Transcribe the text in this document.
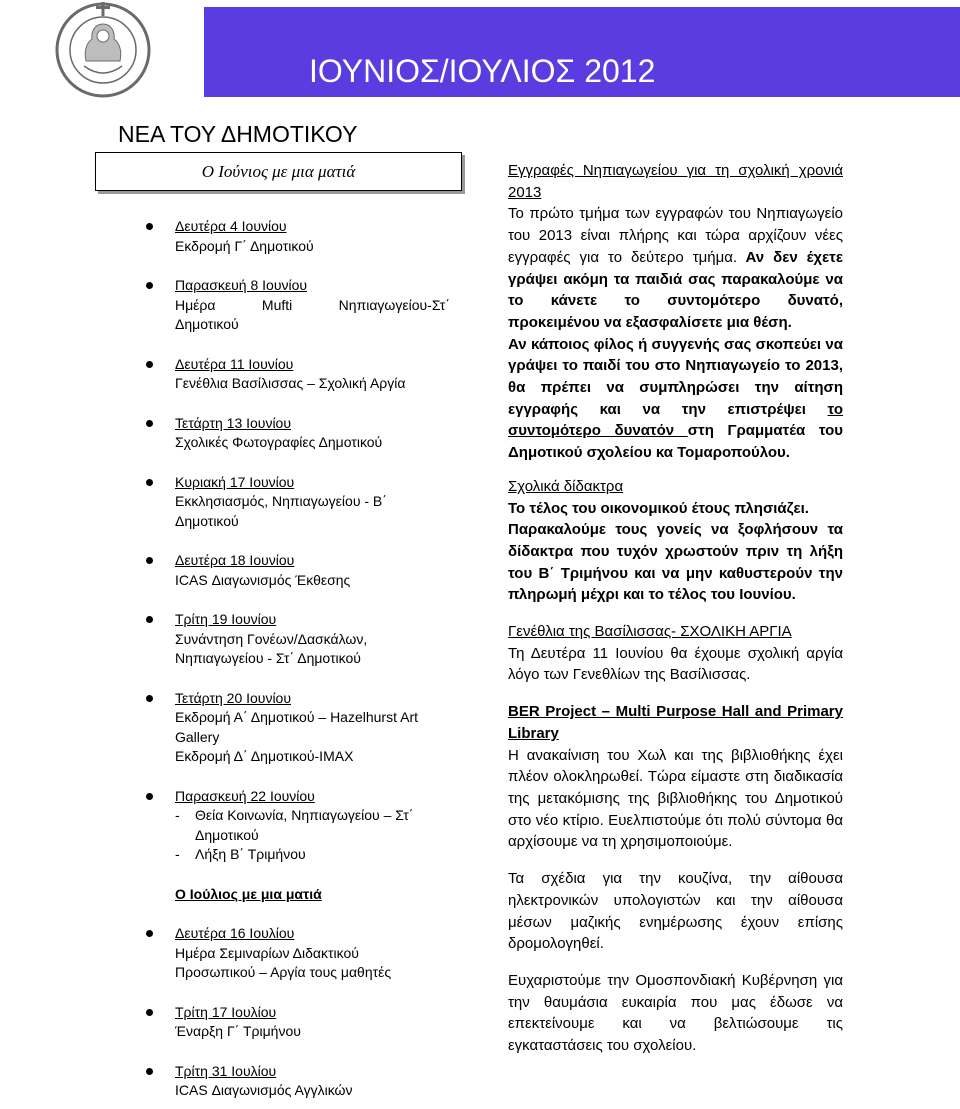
ΙΟΥΝΙΟΣ/ΙΟΥΛΙΟΣ 2012
ΝΕΑ ΤΟΥ ΔΗΜΟΤΙΚΟΥ
Ο Ιούνιος με μια ματιά
Δευτέρα 4 Ιουνίου
Εκδρομή Γ΄ Δημοτικού
Παρασκευή 8 Ιουνίου
Ημέρα Mufti Νηπιαγωγείου-Στ΄
Δημοτικού
Δευτέρα 11 Ιουνίου
Γενέθλια Βασίλισσας – Σχολική Αργία
Τετάρτη 13 Ιουνίου
Σχολικές Φωτογραφίες Δημοτικού
Κυριακή 17 Ιουνίου
Εκκλησιασμός, Νηπιαγωγείου - Β΄
Δημοτικού
Δευτέρα 18 Ιουνίου
ICAS Διαγωνισμός Έκθεσης
Τρίτη 19 Ιουνίου
Συνάντηση Γονέων/Δασκάλων,
Νηπιαγωγείου - Στ΄ Δημοτικού
Τετάρτη 20 Ιουνίου
Εκδρομή Α΄ Δημοτικού – Hazelhurst Art
Gallery
Εκδρομή Δ΄ Δημοτικού-IMAX
Παρασκευή 22 Ιουνίου
- Θεία Κοινωνία, Νηπιαγωγείου – Στ΄
Δημοτικού
- Λήξη Β΄ Τριμήνου
Ο Ιούλιος με μια ματιά
Δευτέρα 16 Ιουλίου
Ημέρα Σεμιναρίων Διδακτικού
Προσωπικού – Αργία τους μαθητές
Τρίτη 17 Ιουλίου
Έναρξη Γ΄ Τριμήνου
Τρίτη 31 Ιουλίου
ICAS Διαγωνισμός Αγγλικών

Εγγραφές Νηπιαγωγείου για τη σχολική χρονιά 2013

Το πρώτο τμήμα των εγγραφών του Νηπιαγωγείο του 2013 είναι πλήρης και τώρα αρχίζουν νέες εγγραφές για το δεύτερο τμήμα. Αν δεν έχετε γράψει ακόμη τα παιδιά σας παρακαλούμε να το κάνετε το συντομότερο δυνατό, προκειμένου να εξασφαλίσετε μια θέση.

Αν κάποιος φίλος ή συγγενής σας σκοπεύει να γράψει το παιδί του στο Νηπιαγωγείο το 2013, θα πρέπει να συμπληρώσει την αίτηση εγγραφής και να την επιστρέψει το συντομότερο δυνατόν στη Γραμματέα του Δημοτικού σχολείου κα Τομαροπούλου.

Σχολικά δίδακτρα

Το τέλος του οικονομικού έτους πλησιάζει.

Παρακαλούμε τους γονείς να ξοφλήσουν τα δίδακτρα που τυχόν χρωστούν πριν τη λήξη του Β΄ Τριμήνου και να μην καθυστερούν την πληρωμή μέχρι και το τέλος του Ιουνίου.

Γενέθλια της Βασίλισσας- ΣΧΟΛΙΚΗ ΑΡΓΙΑ

Τη Δευτέρα 11 Ιουνίου θα έχουμε σχολική αργία λόγο των Γενεθλίων της Βασίλισσας.

BER Project – Multi Purpose Hall and Primary Library

Η ανακαίνιση του Χωλ και της βιβλιοθήκης έχει πλέον ολοκληρωθεί. Τώρα είμαστε στη διαδικασία της μετακόμισης της βιβλιοθήκης του Δημοτικού στο νέο κτίριο. Ευελπιστούμε ότι πολύ σύντομα θα αρχίσουμε να τη χρησιμοποιούμε.

Τα σχέδια για την κουζίνα, την αίθουσα ηλεκτρονικών υπολογιστών και την αίθουσα μέσων μαζικής ενημέρωσης έχουν επίσης δρομολογηθεί.

Ευχαριστούμε την Ομοσπονδιακή Κυβέρνηση για την θαυμάσια ευκαιρία που μας έδωσε να επεκτείνουμε και να βελτιώσουμε τις εγκαταστάσεις του σχολείου.
